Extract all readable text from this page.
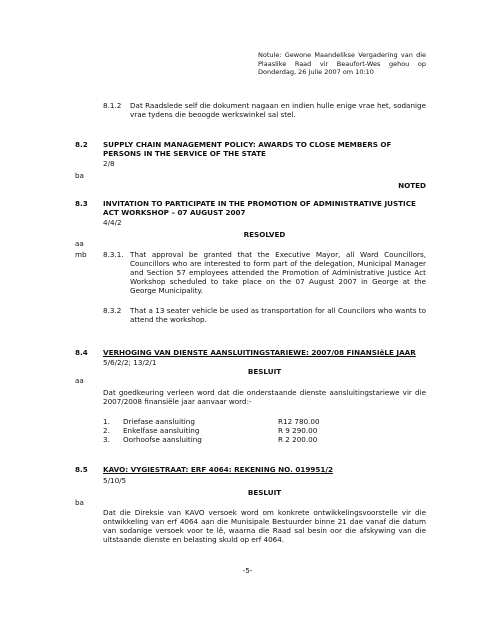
Notule: Gewone Maandelikse Vergadering van die Plaaslike Raad vir Beaufort-Wes gehou op Donderdag, 26 Julie 2007 om 10:10
8.1.2 Dat Raadslede self die dokument nagaan en indien hulle enige vrae het, sodanige vrae tydens die beoogde werkswinkel sal stel.
8.2 SUPPLY CHAIN MANAGEMENT POLICY: AWARDS TO CLOSE MEMBERS OF PERSONS IN THE SERVICE OF THE STATE
2/8
ba
NOTED
8.3 INVITATION TO PARTICIPATE IN THE PROMOTION OF ADMINISTRATIVE JUSTICE ACT WORKSHOP – 07 AUGUST 2007
4/4/2
RESOLVED
aa
mb 8.3.1. That approval be granted that the Executive Mayor, all Ward Councillors, Councillors who are interested to form part of the delegation, Municipal Manager and Section 57 employees attended the Promotion of Administrative Justice Act Workshop scheduled to take place on the 07 August 2007 in George at the George Municipality.
8.3.2 That a 13 seater vehicle be used as transportation for all Councilors who wants to attend the workshop.
8.4 VERHOGING VAN DIENSTE AANSLUITINGSTARIEWE: 2007/08 FINANSIëLE JAAR
5/6/2/2; 13/2/1
BESLUIT
aa
Dat goedkeuring verleen word dat die onderstaande dienste aansluitingstariewe vir die 2007/2008 finansiële jaar aanvaar word:-
1.	Driefase aansluiting	R12 780.00
2.	Enkelfase aansluiting	R 9 290.00
3.	Oorhoofse aansluiting	R 2 200.00
8.5 KAVO: VYGIESTRAAT: ERF 4064: REKENING NO. 019951/2
5/10/5
BESLUIT
ba
Dat die Direksie van KAVO versoek word om konkrete ontwikkelingsvoorstelle vir die ontwikkeling van erf 4064 aan die Munisipale Bestuurder binne 21 dae vanaf die datum van sodanige versoek voor te lê, waarna die Raad sal besin oor die afskywing van die uitstaande dienste en belasting skuld op erf 4064.
-5-
